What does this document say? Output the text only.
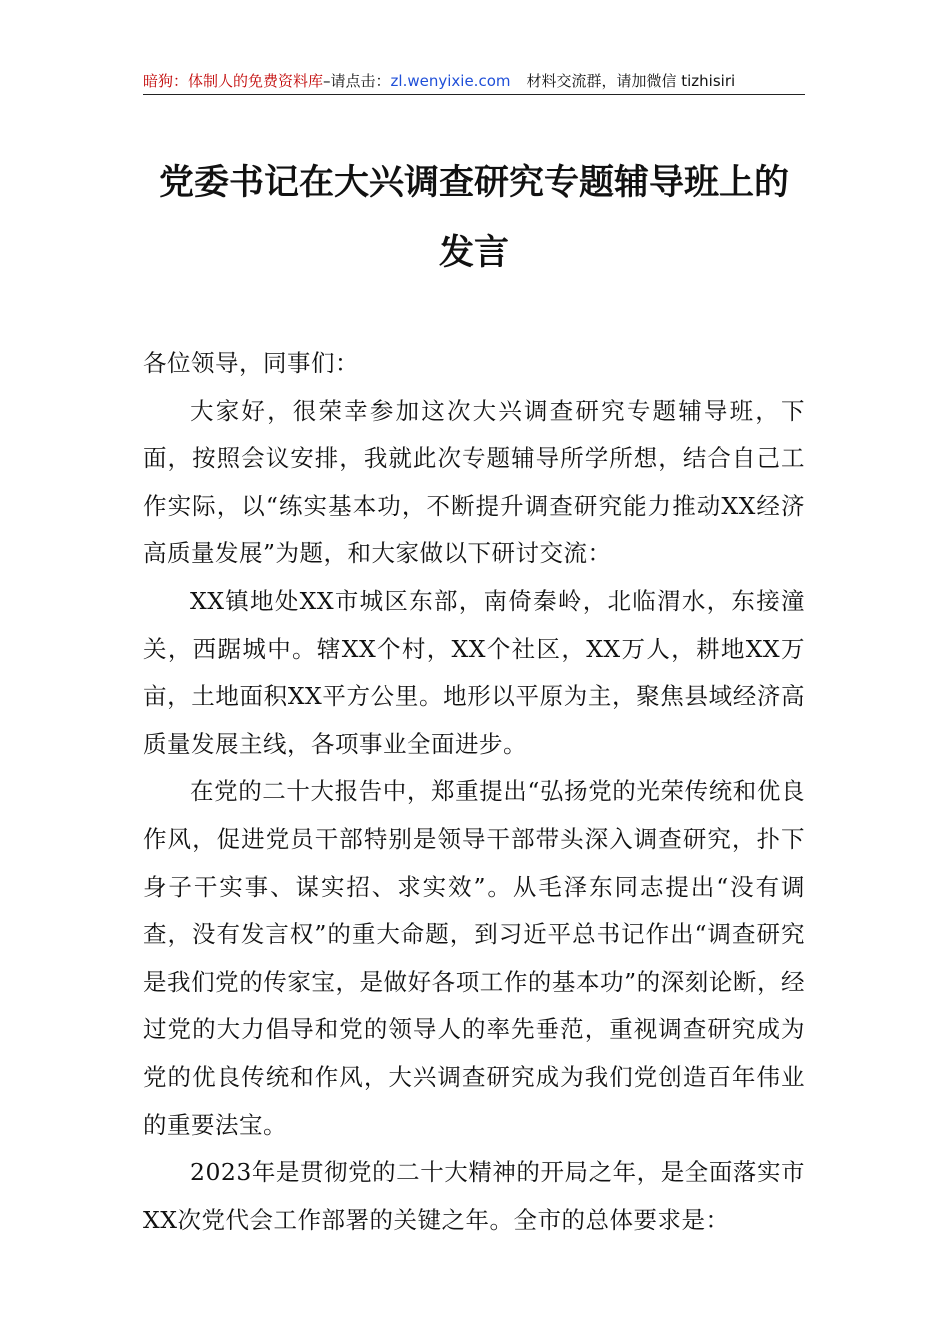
暗狗：体制人的免费资料库–请点击：zl.wenyixie.com 材料交流群，请加微信 tizhisiri
党委书记在大兴调查研究专题辅导班上的
发言

各位领导，同事们：

大家好，很荣幸参加这次大兴调查研究专题辅导班，下面，按照会议安排，我就此次专题辅导所学所想，结合自己工作实际，以“练实基本功，不断提升调查研究能力推动XX经济高质量发展”为题，和大家做以下研讨交流：

XX镇地处XX市城区东部，南倚秦岭，北临渭水，东接潼关，西踞城中。辖XX个村，XX个社区，XX万人，耕地XX万亩，土地面积XX平方公里。地形以平原为主，聚焦县域经济高质量发展主线，各项事业全面进步。

在党的二十大报告中，郑重提出“弘扬党的光荣传统和优良作风，促进党员干部特别是领导干部带头深入调查研究，扑下身子干实事、谋实招、求实效”。从毛泽东同志提出“没有调查，没有发言权”的重大命题，到习近平总书记作出“调查研究是我们党的传家宝，是做好各项工作的基本功”的深刻论断，经过党的大力倡导和党的领导人的率先垂范，重视调查研究成为党的优良传统和作风，大兴调查研究成为我们党创造百年伟业的重要法宝。

2023年是贯彻党的二十大精神的开局之年，是全面落实市XX次党代会工作部署的关键之年。全市的总体要求是：
